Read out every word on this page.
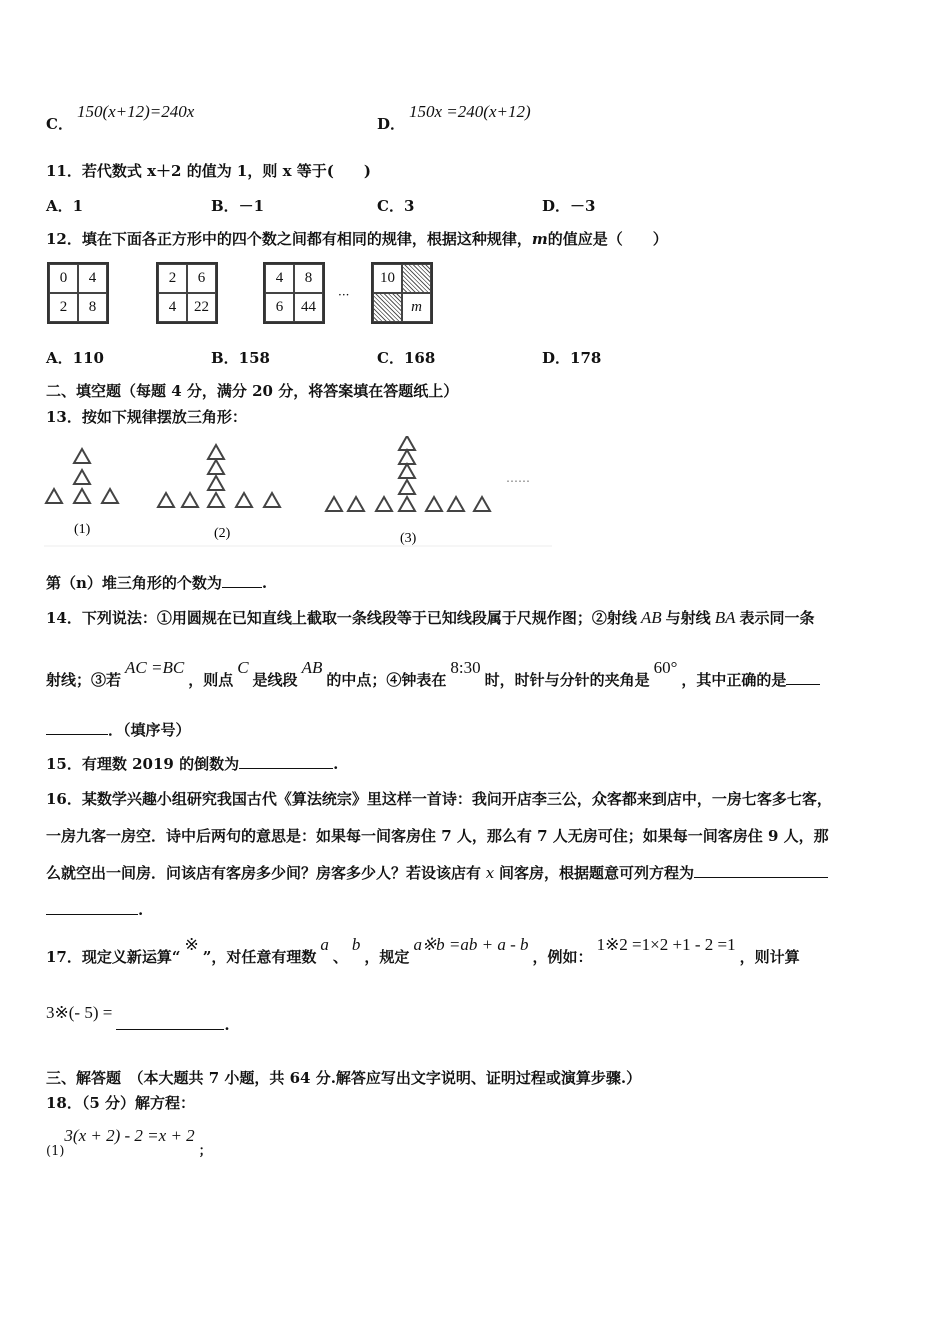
C．150(x+12)=240x
D．150x =240(x+12)
11．若代数式 x＋2 的值为 1，则 x 等于(　　)
A．1	B．－1	C．3	D．－3
12．填在下面各正方形中的四个数之间都有相同的规律，根据这种规律，m的值应是（　　）
0	4
2	8
2	6
4	22
4	8
6	44
···
10
m
A．110	B．158	C．168	D．178
二、填空题（每题 4 分，满分 20 分，将答案填在答题纸上）
13．按如下规律摆放三角形：
(1)	(2)	(3)
……
第（n）堆三角形的个数为	.
14．下列说法：①用圆规在已知直线上截取一条线段等于已知线段属于尺规作图；②射线 AB 与射线 BA 表示同一条
射线；③若AC =BC，则点C是线段AB的中点；④钟表在8:30时，时针与分针的夹角是60°，其中正确的是
．（填序号）
15．有理数 2019 的倒数为	.
16．某数学兴趣小组研究我国古代《算法统宗》里这样一首诗：我问开店李三公，众客都来到店中，一房七客多七客，
一房九客一房空．诗中后两句的意思是：如果每一间客房住 7 人，那么有 7 人无房可住；如果每一间客房住 9 人，那
么就空出一间房．问该店有客房多少间？房客多少人？若设该店有 x 间客房，根据题意可列方程为
.
17．现定义新运算“※”，对任意有理数a、b，规定a※b =ab + a - b，例如：1※2 =1×2 +1 - 2 =1，则计算
3※(- 5) =.
三、解答题　（本大题共 7 小题，共 64 分.解答应写出文字说明、证明过程或演算步骤.）
18．（5 分）解方程：
(1)3(x + 2) - 2 =x + 2；
